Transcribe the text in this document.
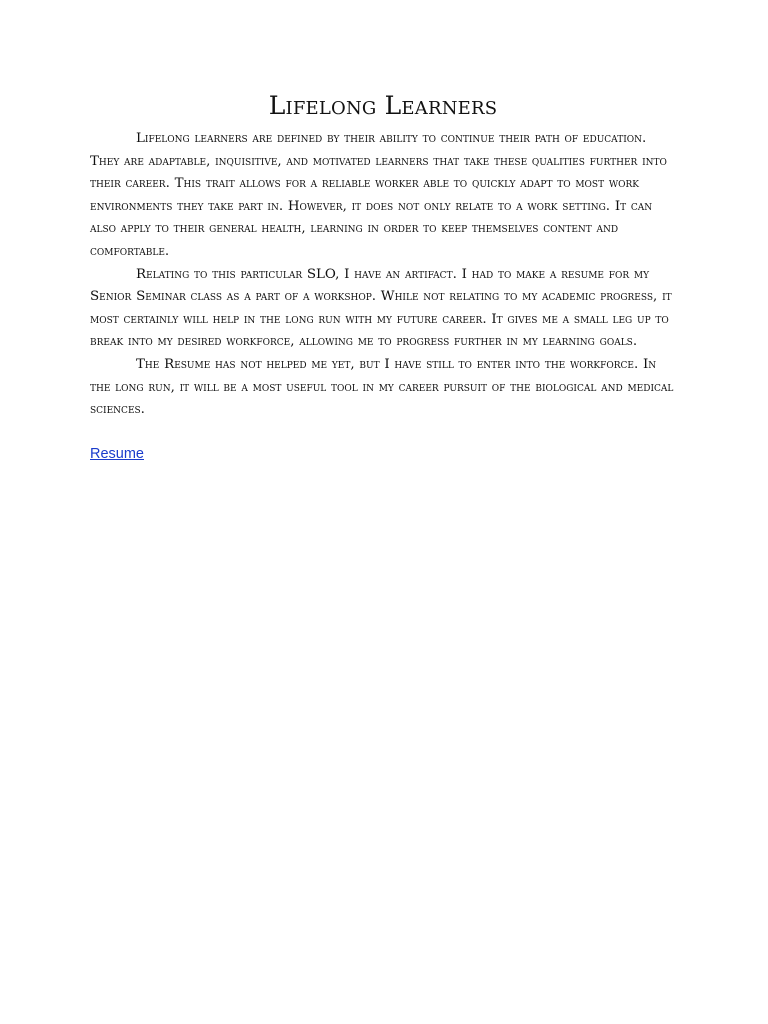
Lifelong Learners

Lifelong learners are defined by their ability to continue their path of education. They are adaptable, inquisitive, and motivated learners that take these qualities further into their career. This trait allows for a reliable worker able to quickly adapt to most work environments they take part in. However, it does not only relate to a work setting. It can also apply to their general health, learning in order to keep themselves content and comfortable.

Relating to this particular SLO, I have an artifact. I had to make a resume for my Senior Seminar class as a part of a workshop. While not relating to my academic progress, it most certainly will help in the long run with my future career. It gives me a small leg up to break into my desired workforce, allowing me to progress further in my learning goals.

The Resume has not helped me yet, but I have still to enter into the workforce. In the long run, it will be a most useful tool in my career pursuit of the biological and medical sciences.

Resume
